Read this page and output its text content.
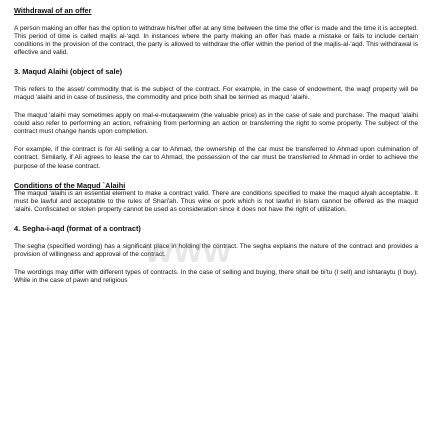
Withdrawal of an offer

A person making an offer has the option to withdraw his/her offer at any time between the time the offer is made and the time it is accepted. This period of time is called majlis al-'aqd. In instances where the party making an offer has made a mistake or fails to include certain conditions in the provision of the contract, the party is allowed to withdraw the offer within the period of the majlis-al-'aqd. This withdrawal is effective and valid.

3. Maqud Alaihi (object of sale)

This refers to the asset/ commodity that is the subject of the contract. For example, in the case of endowment, the waqf property will be maqud 'alaihi and in case of business, the commodity and price both shall be termed as maqud 'alaihi.

The maqud 'alaihi may sometimes apply on mal-e-mutaqawwim (the valuable price) as in the case of sale and purchase. The maqud 'alaihi could also refer to performing an action, refraining from performing an action or transferring the right to some property. The subject of the contract must change hands upon completion.

For example, if the contract is for Ali selling a car to Ahmad, the ownership of the car must be transferred to Ahmad upon culmination of contract. Similarly, if Ali agrees to lease the car to Ahmad, the possession of the car must be transferred to Ahmad in order to achieve the purpose of the lease contract.

Conditions of the Maqud `Alaihi

The maqud 'alaihi is an essential element to make a contract valid. There are conditions specified to make the maqud alyah acceptable. It must be lawful and acceptable to the rules of Shari'ah. Thus wine or pork which is not lawful in Islam cannot be offered as the maqud 'alaihi. Confiscated or stolen property cannot be used as consideration since it does not have the right of utilization.

4. Segha-i-aqd (format of a contract)

The segha (specified wording) has a significant place in holding the contract. The segha explains the nature of the contract and provides a provision of willingness and approval of the contract.

The wordings may differ with different types of contracts. In the case of selling and buying, there shall be bi'tu (I sell) and ishtaraytu (I buy). While in the case of pawn and religious

www
